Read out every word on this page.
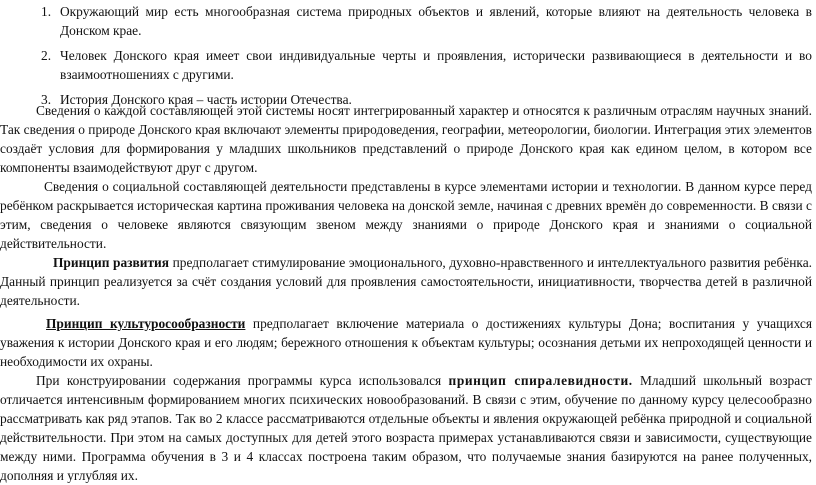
1. Окружающий мир есть многообразная система природных объектов и явлений, которые влияют на деятельность человека в Донском крае.
2. Человек Донского края имеет свои индивидуальные черты и проявления, исторически развивающиеся в деятельности и во взаимоотношениях с другими.
3. История Донского края – часть истории Отечества.

Сведения о каждой составляющей этой системы носят интегрированный характер и относятся к различным отраслям научных знаний. Так сведения о природе Донского края включают элементы природоведения, географии, метеорологии, биологии. Интеграция этих элементов создаёт условия для формирования у младших школьников представлений о природе Донского края как едином целом, в котором все компоненты взаимодействуют друг с другом.

Сведения о социальной составляющей деятельности представлены в курсе элементами истории и технологии. В данном курсе перед ребёнком раскрывается историческая картина проживания человека на донской земле, начиная с древних времён до современности. В связи с этим, сведения о человеке являются связующим звеном между знаниями о природе Донского края и знаниями о социальной действительности.

Принцип развития предполагает стимулирование эмоционального, духовно-нравственного и интеллектуального развития ребёнка. Данный принцип реализуется за счёт создания условий для проявления самостоятельности, инициативности, творчества детей в различной деятельности.

Принцип культуросообразности предполагает включение материала о достижениях культуры Дона; воспитания у учащихся уважения к истории Донского края и его людям; бережного отношения к объектам культуры; осознания детьми их непроходящей ценности и необходимости их охраны.

При конструировании содержания программы курса использовался принцип спиралевидности. Младший школьный возраст отличается интенсивным формированием многих психических новообразований. В связи с этим, обучение по данному курсу целесообразно рассматривать как ряд этапов. Так во 2 классе рассматриваются отдельные объекты и явления окружающей ребёнка природной и социальной действительности. При этом на самых доступных для детей этого возраста примерах устанавливаются связи и зависимости, существующие между ними. Программа обучения в 3 и 4 классах построена таким образом, что получаемые знания базируются на ранее полученных, дополняя и углубляя их.
